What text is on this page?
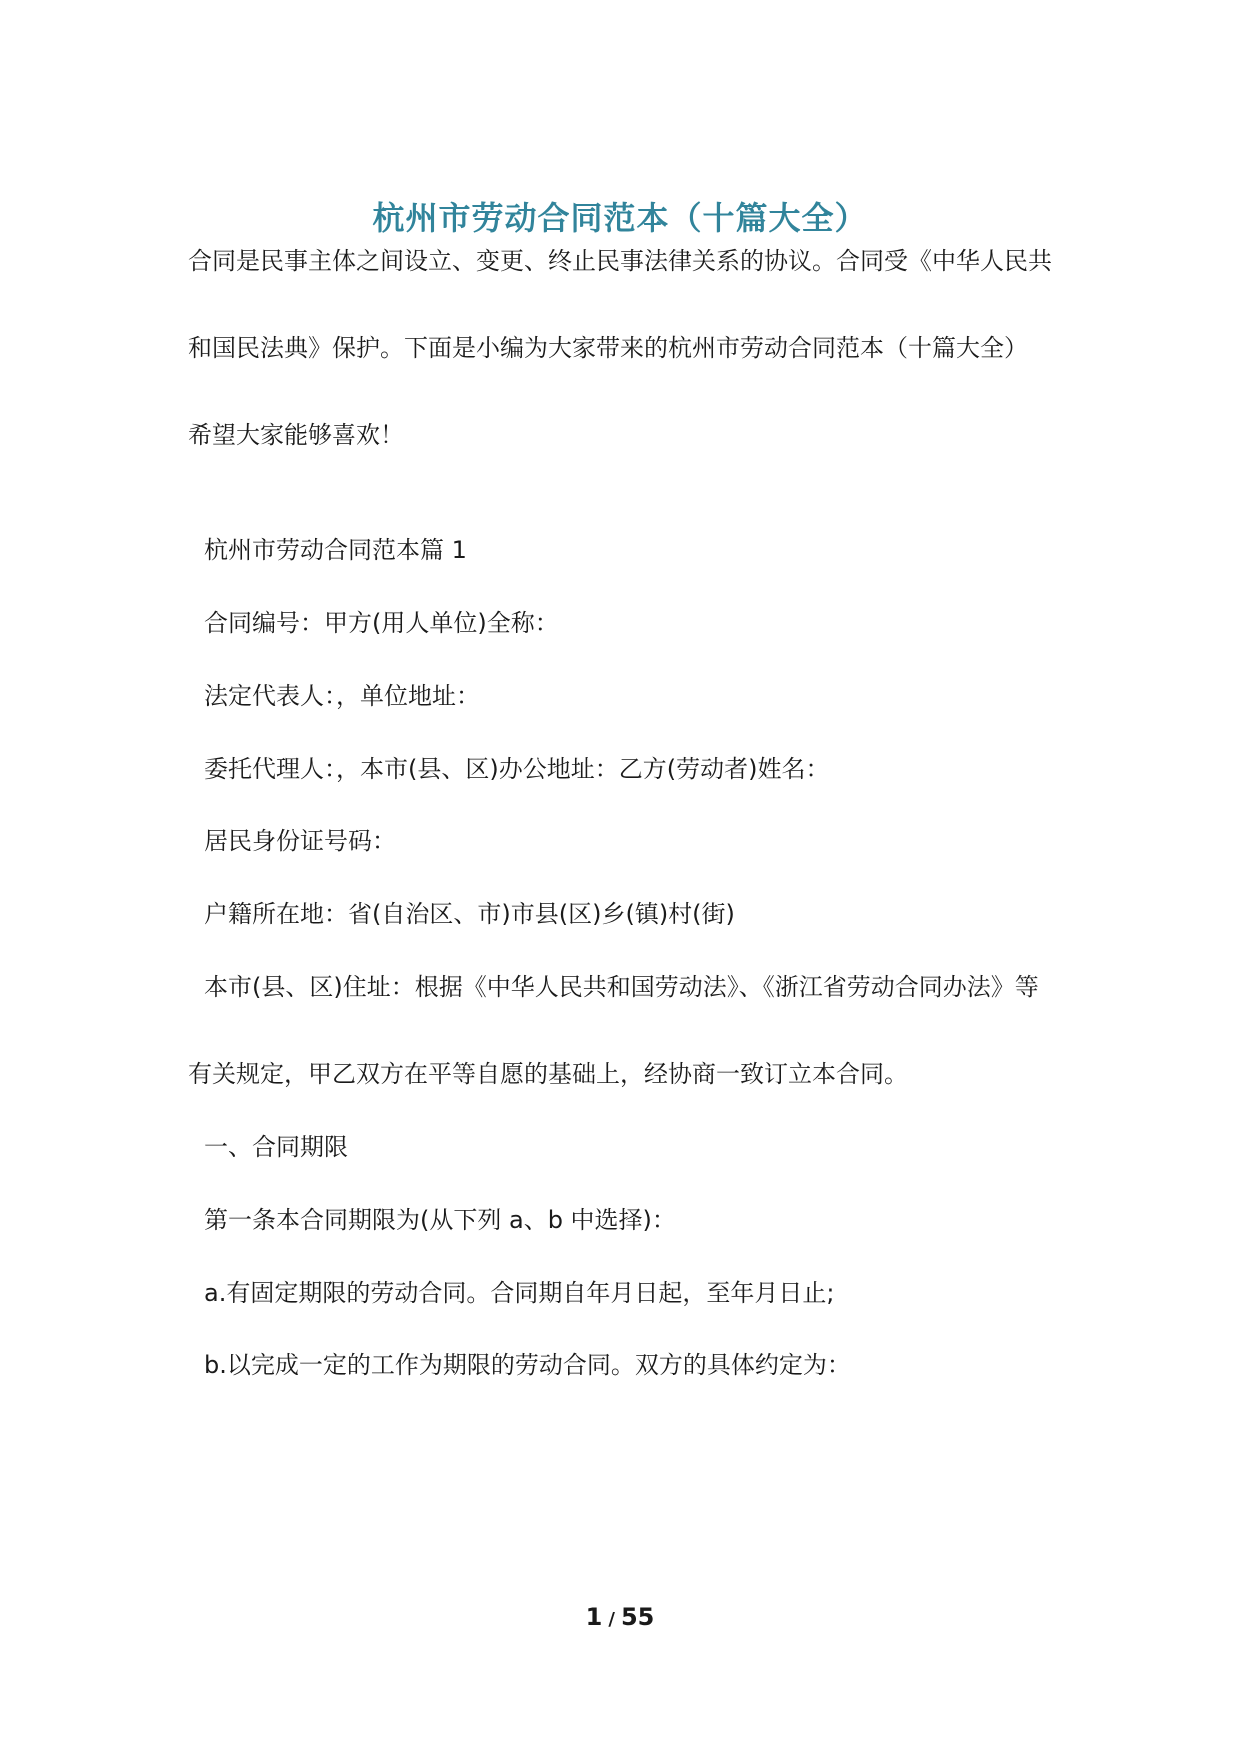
杭州市劳动合同范本（十篇大全）
合同是民事主体之间设立、变更、终止民事法律关系的协议。合同受《中华人民共
和国民法典》保护。下面是小编为大家带来的杭州市劳动合同范本（十篇大全）
希望大家能够喜欢！
杭州市劳动合同范本篇 1
合同编号：甲方(用人单位)全称：
法定代表人：，单位地址：
委托代理人：，本市(县、区)办公地址：乙方(劳动者)姓名：
居民身份证号码：
户籍所在地：省(自治区、市)市县(区)乡(镇)村(街)
本市(县、区)住址：根据《中华人民共和国劳动法》、《浙江省劳动合同办法》等
有关规定，甲乙双方在平等自愿的基础上，经协商一致订立本合同。
一、合同期限
第一条本合同期限为(从下列 a、b 中选择)：
a.有固定期限的劳动合同。合同期自年月日起，至年月日止;
b.以完成一定的工作为期限的劳动合同。双方的具体约定为：
1 / 55
